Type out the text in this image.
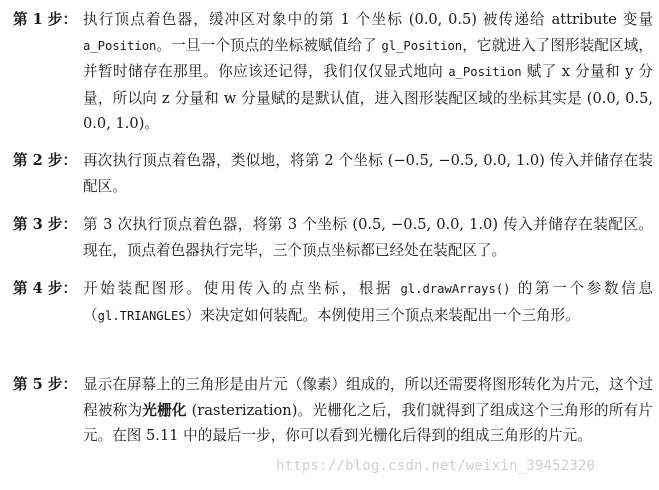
第 1 步： 执行顶点着色器，缓冲区对象中的第 1 个坐标 (0.0, 0.5) 被传递给 attribute 变量 a_Position。一旦一个顶点的坐标被赋值给了 gl_Position，它就进入了图形装配区域，并暂时储存在那里。你应该还记得，我们仅仅显式地向 a_Position 赋了 x 分量和 y 分量，所以向 z 分量和 w 分量赋的是默认值，进入图形装配区域的坐标其实是 (0.0, 0.5, 0.0, 1.0)。
第 2 步： 再次执行顶点着色器，类似地，将第 2 个坐标 (−0.5, −0.5, 0.0, 1.0) 传入并储存在装配区。
第 3 步： 第 3 次执行顶点着色器，将第 3 个坐标 (0.5, −0.5, 0.0, 1.0) 传入并储存在装配区。现在，顶点着色器执行完毕，三个顶点坐标都已经处在装配区了。
第 4 步： 开始装配图形。使用传入的点坐标，根据 gl.drawArrays() 的第一个参数信息（gl.TRIANGLES）来决定如何装配。本例使用三个顶点来装配出一个三角形。
第 5 步： 显示在屏幕上的三角形是由片元（像素）组成的，所以还需要将图形转化为片元，这个过程被称为光栅化 (rasterization)。光栅化之后，我们就得到了组成这个三角形的所有片元。在图 5.11 中的最后一步，你可以看到光栅化后得到的组成三角形的片元。
https://blog.csdn.net/weixin_39452320
